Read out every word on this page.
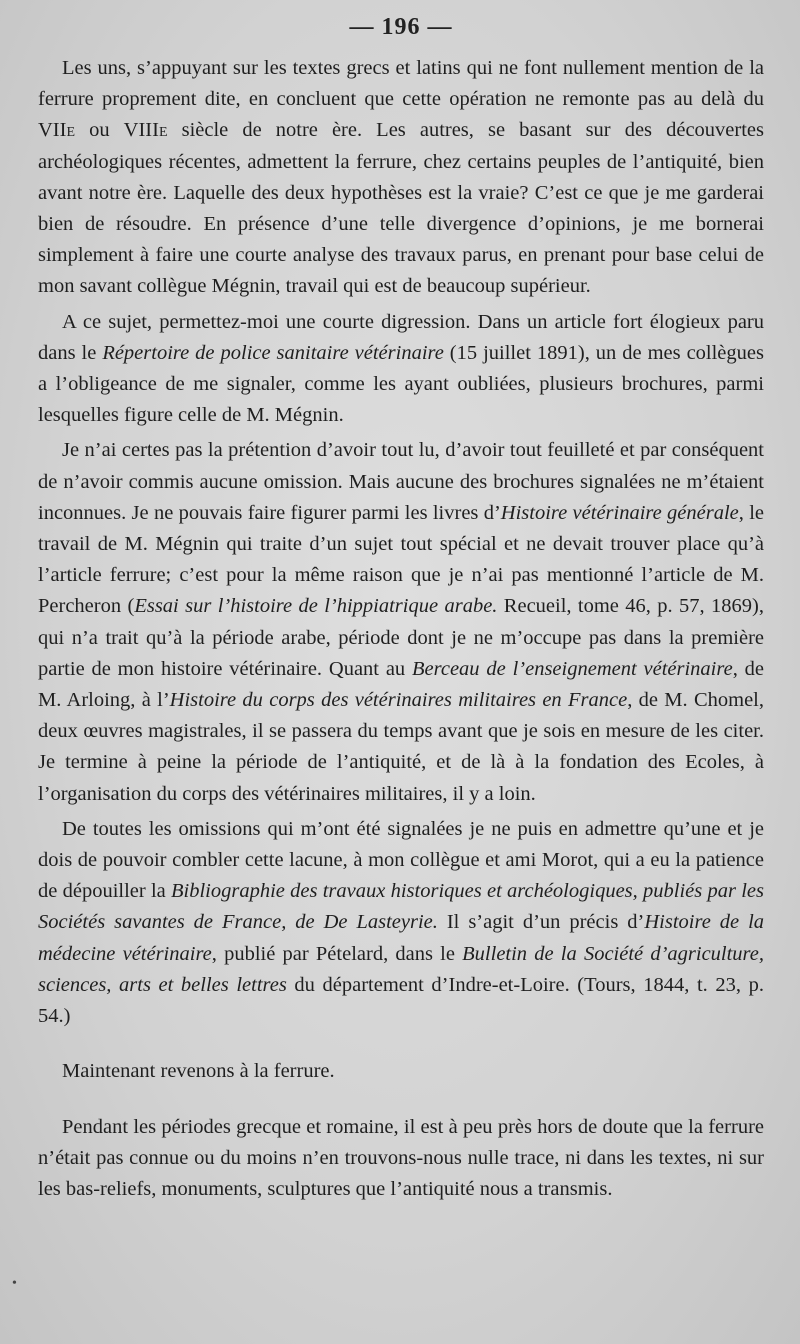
— 196 —

Les uns, s’appuyant sur les textes grecs et latins qui ne font nullement mention de la ferrure proprement dite, en concluent que cette opération ne remonte pas au delà du VIIe ou VIIIe siècle de notre ère. Les autres, se basant sur des découvertes archéologiques récentes, admettent la ferrure, chez certains peuples de l’antiquité, bien avant notre ère. Laquelle des deux hypothèses est la vraie? C’est ce que je me garderai bien de résoudre. En présence d’une telle divergence d’opinions, je me bornerai simplement à faire une courte analyse des travaux parus, en prenant pour base celui de mon savant collègue Mégnin, travail qui est de beaucoup supérieur.

A ce sujet, permettez-moi une courte digression. Dans un article fort élogieux paru dans le Répertoire de police sanitaire vétérinaire (15 juillet 1891), un de mes collègues a l’obligeance de me signaler, comme les ayant oubliées, plusieurs brochures, parmi lesquelles figure celle de M. Mégnin.

Je n’ai certes pas la prétention d’avoir tout lu, d’avoir tout feuilleté et par conséquent de n’avoir commis aucune omission. Mais aucune des brochures signalées ne m’étaient inconnues. Je ne pouvais faire figurer parmi les livres d’Histoire vétérinaire générale, le travail de M. Mégnin qui traite d’un sujet tout spécial et ne devait trouver place qu’à l’article ferrure; c’est pour la même raison que je n’ai pas mentionné l’article de M. Percheron (Essai sur l’histoire de l’hippiatrique arabe. Recueil, tome 46, p. 57, 1869), qui n’a trait qu’à la période arabe, période dont je ne m’occupe pas dans la première partie de mon histoire vétérinaire. Quant au Berceau de l’enseignement vétérinaire, de M. Arloing, à l’Histoire du corps des vétérinaires militaires en France, de M. Chomel, deux œuvres magistrales, il se passera du temps avant que je sois en mesure de les citer. Je termine à peine la période de l’antiquité, et de là à la fondation des Ecoles, à l’organisation du corps des vétérinaires militaires, il y a loin.

De toutes les omissions qui m’ont été signalées je ne puis en admettre qu’une et je dois de pouvoir combler cette lacune, à mon collègue et ami Morot, qui a eu la patience de dépouiller la Bibliographie des travaux historiques et archéologiques, publiés par les Sociétés savantes de France, de De Lasteyrie. Il s’agit d’un précis d’Histoire de la médecine vétérinaire, publié par Pételard, dans le Bulletin de la Société d’agriculture, sciences, arts et belles lettres du département d’Indre-et-Loire. (Tours, 1844, t. 23, p. 54.)

Maintenant revenons à la ferrure.

Pendant les périodes grecque et romaine, il est à peu près hors de doute que la ferrure n’était pas connue ou du moins n’en trouvons-nous nulle trace, ni dans les textes, ni sur les bas-reliefs, monuments, sculptures que l’antiquité nous a transmis.

•
